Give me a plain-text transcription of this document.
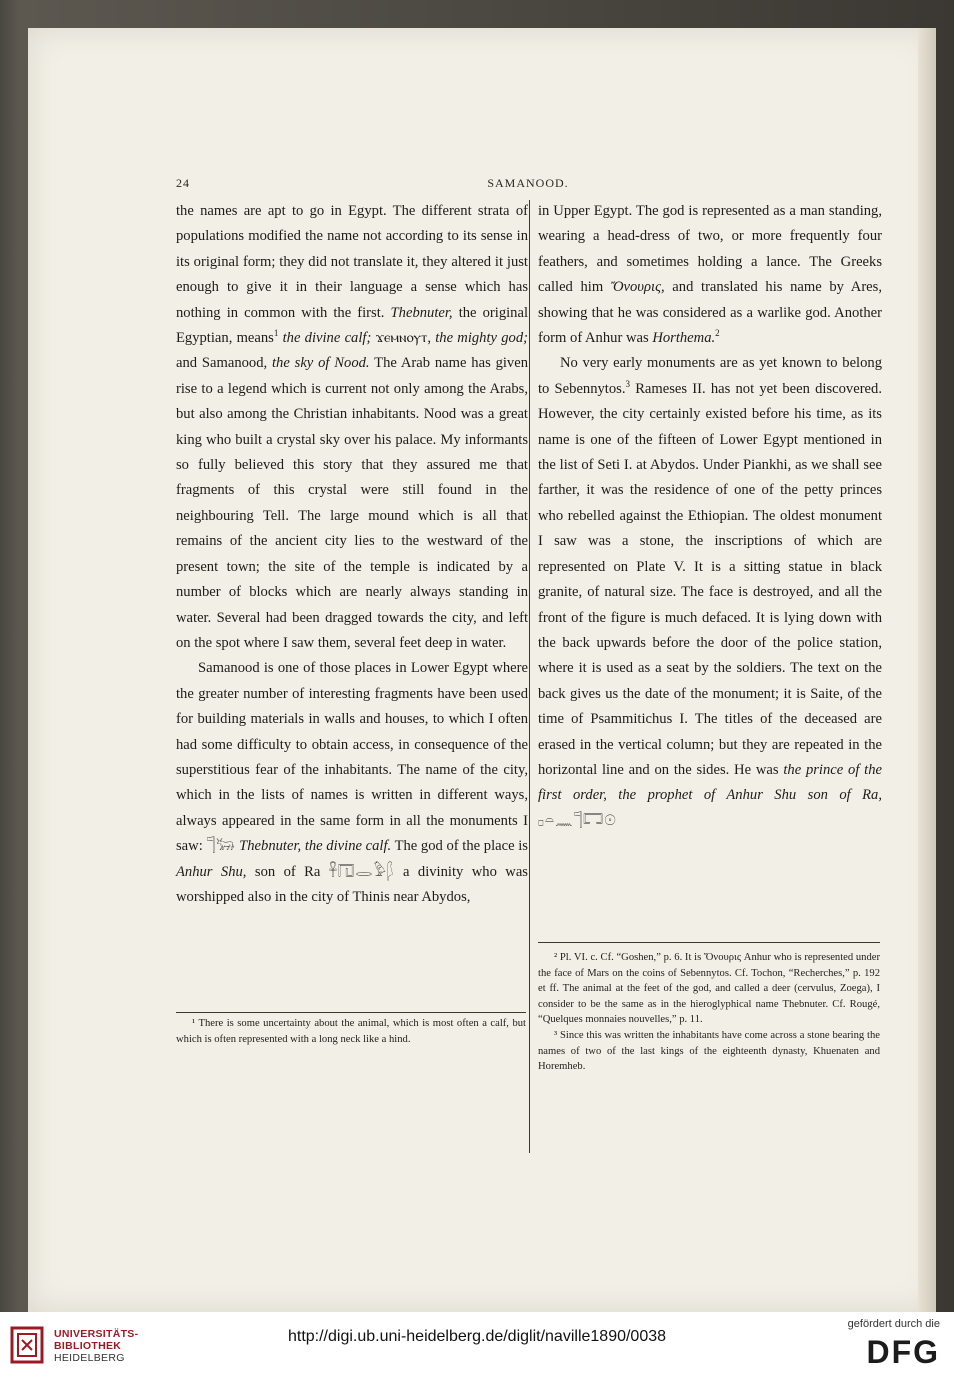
24	SAMANOOD.

the names are apt to go in Egypt. The different strata of populations modified the name not according to its sense in its original form; they did not translate it, they altered it just enough to give it in their language a sense which has nothing in common with the first. Thebnuter, the original Egyptian, means$^1$ the divine calf; ϫⲉⲙⲛⲟⲩⲧ, the mighty god; and Samanood, the sky of Nood. The Arab name has given rise to a legend which is current not only among the Arabs, but also among the Christian inhabitants. Nood was a great king who built a crystal sky over his palace. My informants so fully believed this story that they assured me that fragments of this crystal were still found in the neighbouring Tell. The large mound which is all that remains of the ancient city lies to the westward of the present town; the site of the temple is indicated by a number of blocks which are nearly always standing in water. Several had been dragged towards the city, and left on the spot where I saw them, several feet deep in water.

Samanood is one of those places in Lower Egypt where the greater number of interesting fragments have been used for building materials in walls and houses, to which I often had some difficulty to obtain access, in consequence of the superstitious fear of the inhabitants. The name of the city, which in the lists of names is written in different ways, always appeared in the same form in all the monuments I saw: 𓊹𓃒 Thebnuter, the divine calf. The god of the place is Anhur Shu, son of Ra 𓋹𓉔𓂋𓅱𓆄 a divinity who was worshipped also in the city of Thinis near Abydos,

in Upper Egypt. The god is represented as a man standing, wearing a head-dress of two, or more frequently four feathers, and sometimes holding a lance. The Greeks called him Ὄνουρις, and translated his name by Ares, showing that he was considered as a warlike god. Another form of Anhur was Horthema.$^2$

No very early monuments are as yet known to belong to Sebennytos.$^3$ Rameses II. has not yet been discovered. However, the city certainly existed before his time, as its name is one of the fifteen of Lower Egypt mentioned in the list of Seti I. at Abydos. Under Piankhi, as we shall see farther, it was the residence of one of the petty princes who rebelled against the Ethiopian. The oldest monument I saw was a stone, the inscriptions of which are represented on Plate V. It is a sitting statue in black granite, of natural size. The face is destroyed, and all the front of the figure is much defaced. It is lying down with the back upwards before the door of the police station, where it is used as a seat by the soldiers. The text on the back gives us the date of the monument; it is Saite, of the time of Psammitichus I. The titles of the deceased are erased in the vertical column; but they are repeated in the horizontal line and on the sides. He was the prince of the first order, the prophet of Anhur Shu son of Ra, 𓊪𓏏𓈖𓊹𓉐𓇳

¹ There is some uncertainty about the animal, which is most often a calf, but which is often represented with a long neck like a hind.

² Pl. VI. c. Cf. “Goshen,” p. 6. It is Ὄνουρις Anhur who is represented under the face of Mars on the coins of Sebennytos. Cf. Tochon, “Recherches,” p. 192 et ff. The animal at the feet of the god, and called a deer (cervulus, Zoega), I consider to be the same as in the hieroglyphical name Thebnuter. Cf. Rougé, “Quelques monnaies nouvelles,” p. 11.

³ Since this was written the inhabitants have come across a stone bearing the names of two of the last kings of the eighteenth dynasty, Khuenaten and Horemheb.

UNIVERSITÄTS-
BIBLIOTHEK
HEIDELBERG
http://digi.ub.uni-heidelberg.de/diglit/naville1890/0038
gefördert durch die
DFG
